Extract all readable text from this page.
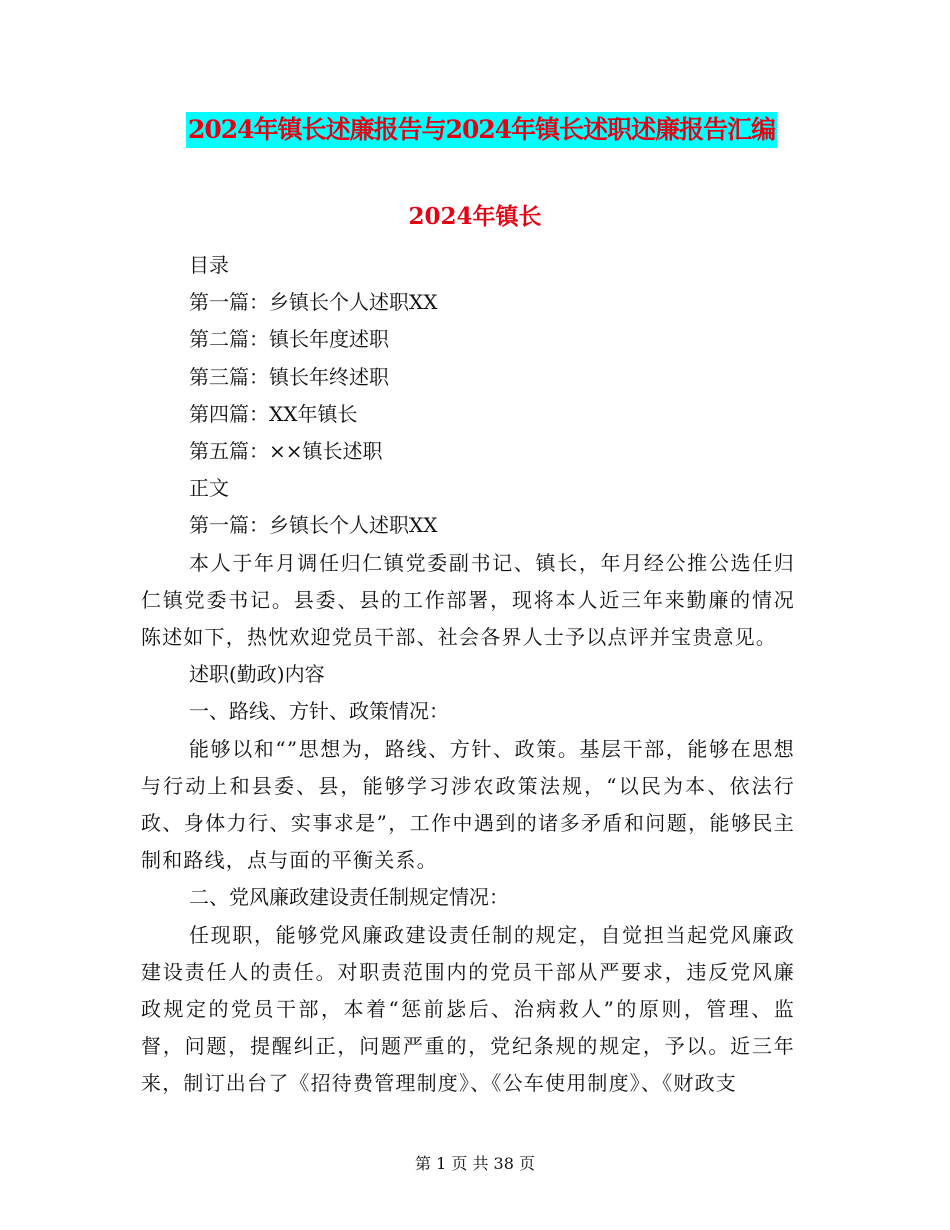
2024年镇长述廉报告与2024年镇长述职述廉报告汇编
2024年镇长
目录
第一篇：乡镇长个人述职XX
第二篇：镇长年度述职
第三篇：镇长年终述职
第四篇：XX年镇长
第五篇：××镇长述职
正文
第一篇：乡镇长个人述职XX

本人于年月调任归仁镇党委副书记、镇长，年月经公推公选任归仁镇党委书记。县委、县的工作部署，现将本人近三年来勤廉的情况陈述如下，热忱欢迎党员干部、社会各界人士予以点评并宝贵意见。

述职(勤政)内容
一、路线、方针、政策情况：

能够以和“”思想为，路线、方针、政策。基层干部，能够在思想与行动上和县委、县，能够学习涉农政策法规，“以民为本、依法行政、身体力行、实事求是”，工作中遇到的诸多矛盾和问题，能够民主制和路线，点与面的平衡关系。

二、党风廉政建设责任制规定情况：

任现职，能够党风廉政建设责任制的规定，自觉担当起党风廉政建设责任人的责任。对职责范围内的党员干部从严要求，违反党风廉政规定的党员干部，本着“惩前毖后、治病救人”的原则，管理、监督，问题，提醒纠正，问题严重的，党纪条规的规定，予以。近三年来，制订出台了《招待费管理制度》、《公车使用制度》、《财政支

第 1 页 共 38 页
